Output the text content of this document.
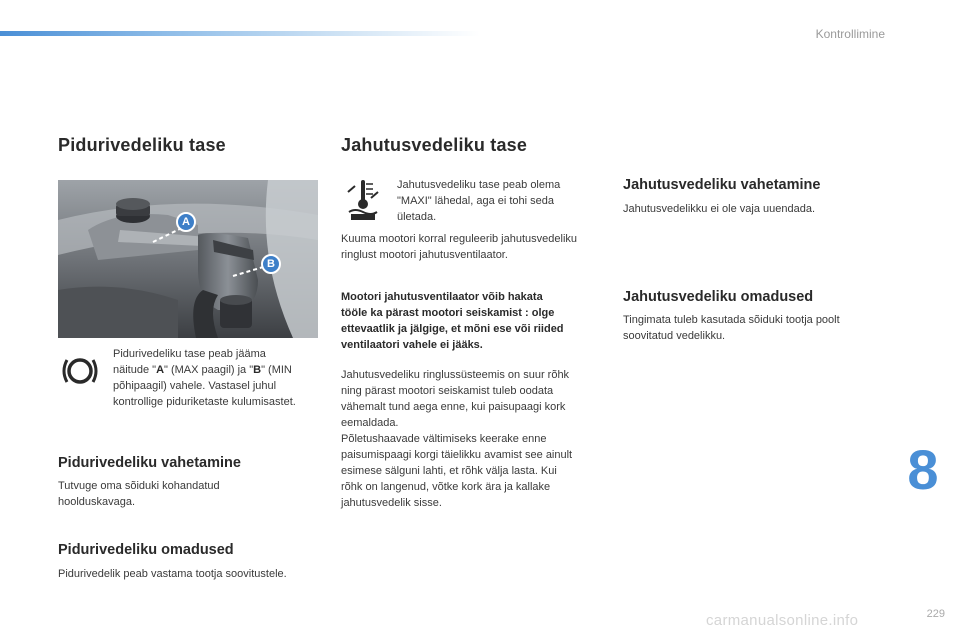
Kontrollimine
Pidurivedeliku tase
A
B
Pidurivedeliku tase peab jääma
näitude "A" (MAX paagil) ja "B" (MIN
põhipaagil) vahele. Vastasel juhul
kontrollige piduriketaste kulumisastet.
Pidurivedeliku vahetamine
Tutvuge oma sõiduki kohandatud
hoolduskavaga.
Pidurivedeliku omadused
Pidurivedelik peab vastama tootja soovitustele.
Jahutusvedeliku tase
Jahutusvedeliku tase peab olema
"MAXI" lähedal, aga ei tohi seda
ületada.
Kuuma mootori korral reguleerib jahutusvedeliku
ringlust mootori jahutusventilaator.
Mootori jahutusventilaator võib hakata
tööle ka pärast mootori seiskamist : olge
ettevaatlik ja jälgige, et mõni ese või riided
ventilaatori vahele ei jääks.
Jahutusvedeliku ringlussüsteemis on suur rõhk
ning pärast mootori seiskamist tuleb oodata
vähemalt tund aega enne, kui paisupaagi kork
eemaldada.
Põletushaavade vältimiseks keerake enne
paisumispaagi korgi täielikku avamist see ainult
esimese sälguni lahti, et rõhk välja lasta. Kui
rõhk on langenud, võtke kork ära ja kallake
jahutusvedelik sisse.
Jahutusvedeliku vahetamine
Jahutusvedelikku ei ole vaja uuendada.
Jahutusvedeliku omadused
Tingimata tuleb kasutada sõiduki tootja poolt
soovitatud vedelikku.
8
229
carmanualsonline.info
